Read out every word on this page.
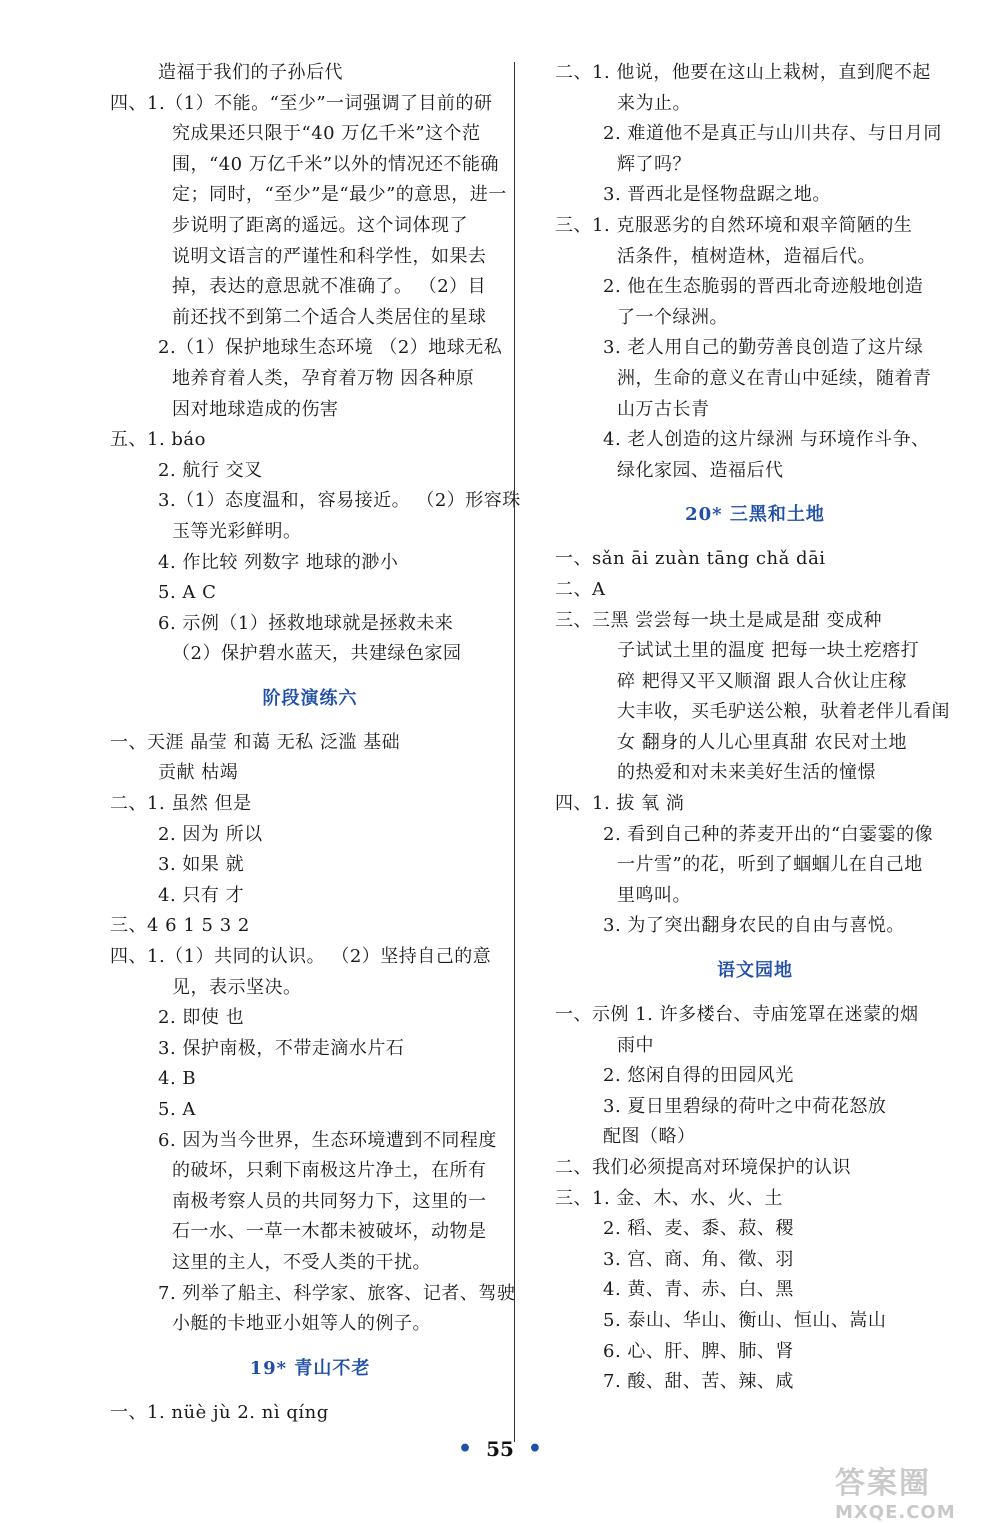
造福于我们的子孙后代
四、1.（1）不能。“至少”一词强调了目前的研
究成果还只限于“40 万亿千米”这个范
围，“40 万亿千米”以外的情况还不能确
定；同时，“至少”是“最少”的意思，进一
步说明了距离的遥远。这个词体现了
说明文语言的严谨性和科学性，如果去
掉，表达的意思就不准确了。 （2）目
前还找不到第二个适合人类居住的星球
2.（1）保护地球生态环境 （2）地球无私
地养育着人类，孕育着万物 因各种原
因对地球造成的伤害
五、1. báo
2. 航行 交叉
3.（1）态度温和，容易接近。 （2）形容珠
玉等光彩鲜明。
4. 作比较 列数字 地球的渺小
5. A C
6. 示例（1）拯救地球就是拯救未来
（2）保护碧水蓝天，共建绿色家园
阶段演练六
一、天涯 晶莹 和蔼 无私 泛滥 基础
贡献 枯竭
二、1. 虽然 但是
2. 因为 所以
3. 如果 就
4. 只有 才
三、4 6 1 5 3 2
四、1.（1）共同的认识。 （2）坚持自己的意
见，表示坚决。
2. 即使 也
3. 保护南极，不带走滴水片石
4. B
5. A
6. 因为当今世界，生态环境遭到不同程度
的破坏，只剩下南极这片净土，在所有
南极考察人员的共同努力下，这里的一
石一水、一草一木都未被破坏，动物是
这里的主人，不受人类的干扰。
7. 列举了船主、科学家、旅客、记者、驾驶
小艇的卡地亚小姐等人的例子。
19* 青山不老
一、1. nüè jù 2. nì qíng
二、1. 他说，他要在这山上栽树，直到爬不起
来为止。
2. 难道他不是真正与山川共存、与日月同
辉了吗？
3. 晋西北是怪物盘踞之地。
三、1. 克服恶劣的自然环境和艰辛简陋的生
活条件，植树造林，造福后代。
2. 他在生态脆弱的晋西北奇迹般地创造
了一个绿洲。
3. 老人用自己的勤劳善良创造了这片绿
洲，生命的意义在青山中延续，随着青
山万古长青
4. 老人创造的这片绿洲 与环境作斗争、
绿化家园、造福后代
20* 三黑和土地
一、sǎn āi zuàn tāng chǎ dāi
二、A
三、三黑 尝尝每一块土是咸是甜 变成种
子试试土里的温度 把每一块土疙瘩打
碎 耙得又平又顺溜 跟人合伙让庄稼
大丰收，买毛驴送公粮，驮着老伴儿看闺
女 翻身的人儿心里真甜 农民对土地
的热爱和对未来美好生活的憧憬
四、1. 拔 氧 淌
2. 看到自己种的荞麦开出的“白霎霎的像
一片雪”的花，听到了蝈蝈儿在自己地
里鸣叫。
3. 为了突出翻身农民的自由与喜悦。
语文园地
一、示例 1. 许多楼台、寺庙笼罩在迷蒙的烟
雨中
2. 悠闲自得的田园风光
3. 夏日里碧绿的荷叶之中荷花怒放
配图（略）
二、我们必须提高对环境保护的认识
三、1. 金、木、水、火、土
2. 稻、麦、黍、菽、稷
3. 宫、商、角、徵、羽
4. 黄、青、赤、白、黑
5. 泰山、华山、衡山、恒山、嵩山
6. 心、肝、脾、肺、肾
7. 酸、甜、苦、辣、咸
• 55 •
答案圈
MXQE.COM
